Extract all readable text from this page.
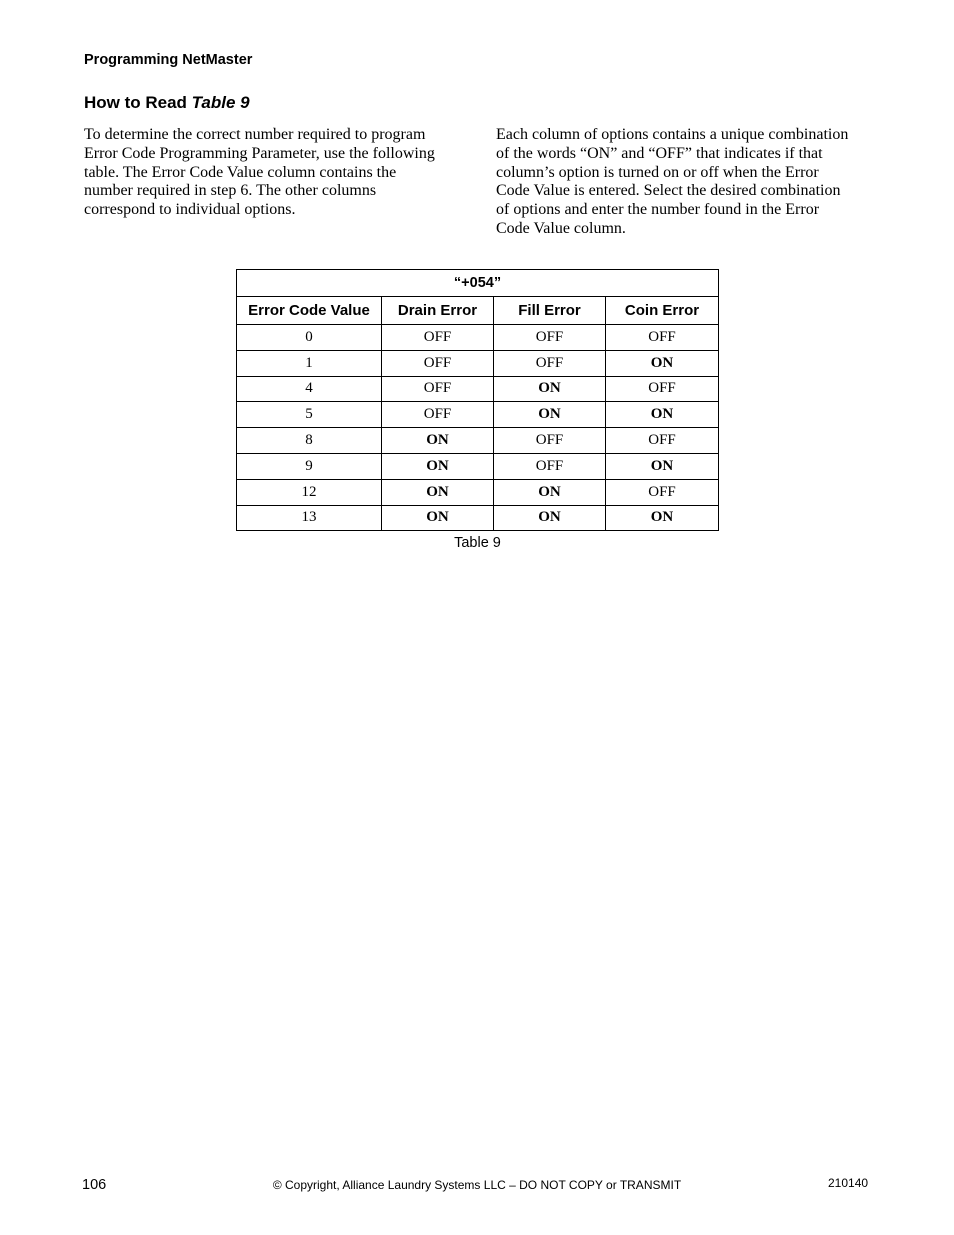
Programming NetMaster
How to Read Table 9
To determine the correct number required to program
Error Code Programming Parameter, use the following
table. The Error Code Value column contains the
number required in step 6. The other columns
correspond to individual options.
Each column of options contains a unique combination
of the words “ON” and “OFF” that indicates if that
column’s option is turned on or off when the Error
Code Value is entered. Select the desired combination
of options and enter the number found in the Error
Code Value column.
“+054”			
Error Code Value	Drain Error	Fill Error	Coin Error
0	OFF	OFF	OFF
1	OFF	OFF	ON
4	OFF	ON	OFF
5	OFF	ON	ON
8	ON	OFF	OFF
9	ON	OFF	ON
12	ON	ON	OFF
13	ON	ON	ON
Table 9
106	© Copyright, Alliance Laundry Systems LLC – DO NOT COPY or TRANSMIT	210140
